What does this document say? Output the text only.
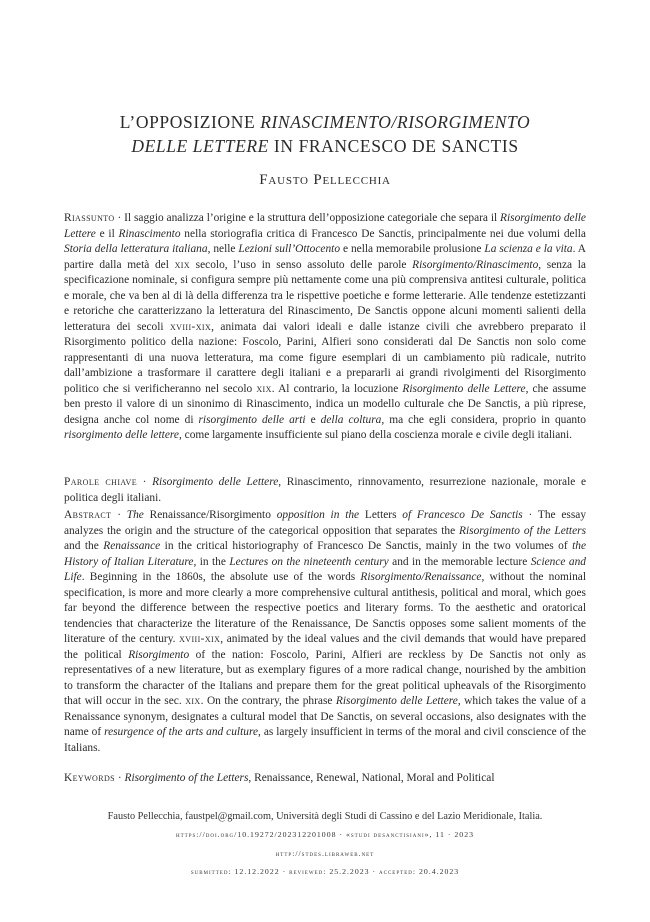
L’OPPOSIZIONE RINASCIMENTO/RISORGIMENTO
DELLE LETTERE IN FRANCESCO DE SANCTIS
Fausto Pellecchia
Riassunto · Il saggio analizza l’origine e la struttura dell’opposizione categoriale che separa il Risorgimento delle Lettere e il Rinascimento nella storiografia critica di Francesco De Sanctis, principalmente nei due volumi della Storia della letteratura italiana, nelle Lezioni sull’Ottocento e nella memorabile prolusione La scienza e la vita. A partire dalla metà del xix secolo, l’uso in senso assoluto delle parole Risorgimento/Rinascimento, senza la specificazione nominale, si configura sempre più nettamente come una più comprensiva antitesi culturale, politica e morale, che va ben al di là della differenza tra le rispettive poetiche e forme letterarie. Alle tendenze estetizzanti e retoriche che caratterizzano la letteratura del Rinascimento, De Sanctis oppone alcuni momenti salienti della letteratura dei secoli xviii-xix, animata dai valori ideali e dalle istanze civili che avrebbero preparato il Risorgimento politico della nazione: Foscolo, Parini, Alfieri sono considerati dal De Sanctis non solo come rappresentanti di una nuova letteratura, ma come figure esemplari di un cambiamento più radicale, nutrito dall’ambizione a trasformare il carattere degli italiani e a prepararli ai grandi rivolgimenti del Risorgimento politico che si verificheranno nel secolo xix. Al contrario, la locuzione Risorgimento delle Lettere, che assume ben presto il valore di un sinonimo di Rinascimento, indica un modello culturale che De Sanctis, a più riprese, designa anche col nome di risorgimento delle arti e della coltura, ma che egli considera, proprio in quanto risorgimento delle lettere, come largamente insufficiente sul piano della coscienza morale e civile degli italiani.
Parole chiave · Risorgimento delle Lettere, Rinascimento, rinnovamento, resurrezione nazionale, morale e politica degli italiani.
Abstract · The Renaissance/Risorgimento opposition in the Letters of Francesco De Sanctis · The essay analyzes the origin and the structure of the categorical opposition that separates the Risorgimento of the Letters and the Renaissance in the critical historiography of Francesco De Sanctis, mainly in the two volumes of the History of Italian Literature, in the Lectures on the nineteenth century and in the memorable lecture Science and Life. Beginning in the 1860s, the absolute use of the words Risorgimento/Renaissance, without the nominal specification, is more and more clearly a more comprehensive cultural antithesis, political and moral, which goes far beyond the difference between the respective poetics and literary forms. To the aesthetic and oratorical tendencies that characterize the literature of the Renaissance, De Sanctis opposes some salient moments of the literature of the century. xviii-xix, animated by the ideal values and the civil demands that would have prepared the political Risorgimento of the nation: Foscolo, Parini, Alfieri are reckless by De Sanctis not only as representatives of a new literature, but as exemplary figures of a more radical change, nourished by the ambition to transform the character of the Italians and prepare them for the great political upheavals of the Risorgimento that will occur in the sec. xix. On the contrary, the phrase Risorgimento delle Lettere, which takes the value of a Renaissance synonym, designates a cultural model that De Sanctis, on several occasions, also designates with the name of resurgence of the arts and culture, as largely insufficient in terms of the moral and civil conscience of the Italians.
Keywords · Risorgimento of the Letters, Renaissance, Renewal, National, Moral and Political
Fausto Pellecchia, faustpel@gmail.com, Università degli Studi di Cassino e del Lazio Meridionale, Italia.
https://doi.org/10.19272/202312201008 · «studi desanctisiani», 11 · 2023
http://stdes.libraweb.net
submitted: 12.12.2022 · reviewed: 25.2.2023 · accepted: 20.4.2023
